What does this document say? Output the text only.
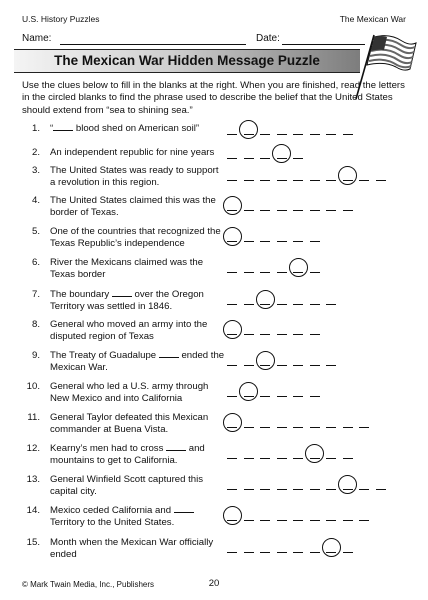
U.S. History Puzzles	The Mexican War
Name:	Date:
The Mexican War Hidden Message Puzzle
Use the clues below to fill in the blanks at the right. When you are finished, read the letters in the circled blanks to find the phrase used to describe the belief that the United States should extend from “sea to shining sea.”
1. “ blood shed on American soil”
2. An independent republic for nine years
3. The United States was ready to support a revolution in this region.
4. The United States claimed this was the border of Texas.
5. One of the countries that recognized the Texas Republic’s independence
6. River the Mexicans claimed was the Texas border
7. The boundary  over the Oregon Territory was settled in 1846.
8. General who moved an army into the disputed region of Texas
9. The Treaty of Guadalupe  ended the Mexican War.
10. General who led a U.S. army through New Mexico and into California
11. General Taylor defeated this Mexican commander at Buena Vista.
12. Kearny’s men had to cross  and mountains to get to California.
13. General Winfield Scott captured this capital city.
14. Mexico ceded California and  Territory to the United States.
15. Month when the Mexican War officially ended
© Mark Twain Media, Inc., Publishers	20
